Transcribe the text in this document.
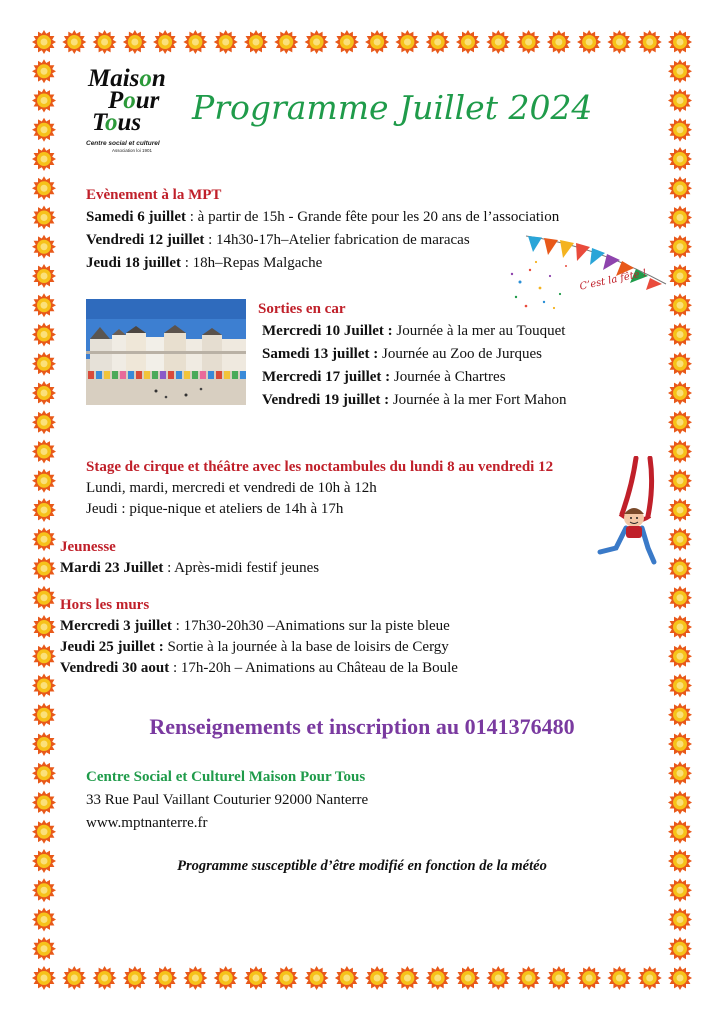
Maison
Pour
Tous
Centre social et culturel
Association loi 1901
Programme Juillet 2024
Evènement à la MPT
Samedi 6 juillet : à partir de 15h - Grande fête pour les 20 ans de l’association
Vendredi 12 juillet : 14h30-17h–Atelier fabrication de maracas
Jeudi 18 juillet : 18h–Repas Malgache
C’est la fête !
Sorties en car
Mercredi 10 Juillet : Journée à la mer au Touquet
Samedi 13 juillet : Journée au Zoo de Jurques
Mercredi 17 juillet : Journée à Chartres
Vendredi 19 juillet : Journée à la mer Fort Mahon
Stage de cirque et théâtre avec les noctambules du lundi 8 au vendredi 12
Lundi, mardi, mercredi et vendredi de 10h à 12h
Jeudi : pique-nique et ateliers de 14h à 17h
Jeunesse
Mardi 23 Juillet : Après-midi festif jeunes
Hors les murs
Mercredi 3 juillet : 17h30-20h30 –Animations sur la piste bleue
Jeudi 25 juillet : Sortie à la journée à la base de loisirs de Cergy
Vendredi 30 aout : 17h-20h – Animations au Château de la Boule
Renseignements et inscription au 0141376480
Centre Social et Culturel Maison Pour Tous
33 Rue Paul Vaillant Couturier 92000 Nanterre
www.mptnanterre.fr
Programme susceptible d’être modifié en fonction de la météo
